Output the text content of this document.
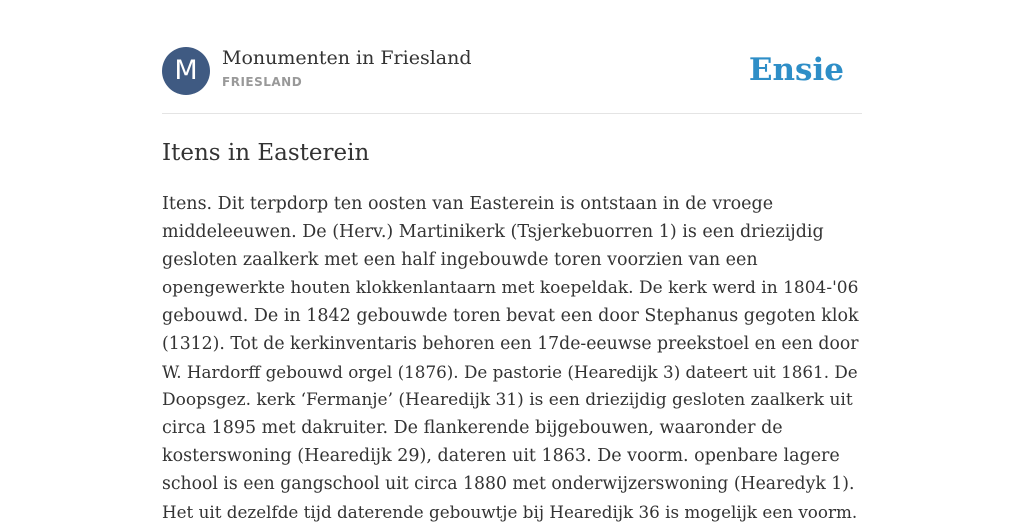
M	Monumenten in Friesland
FRIESLAND	Ensie
Itens in Easterein

Itens. Dit terpdorp ten oosten van Easterein is ontstaan in de vroege
middeleeuwen. De (Herv.) Martinikerk (Tsjerkebuorren 1) is een driezijdig
gesloten zaalkerk met een half ingebouwde toren voorzien van een
opengewerkte houten klokkenlantaarn met koepeldak. De kerk werd in 1804-'06
gebouwd. De in 1842 gebouwde toren bevat een door Stephanus gegoten klok
(1312). Tot de kerkinventaris behoren een 17de-eeuwse preekstoel en een door
W. Hardorff gebouwd orgel (1876). De pastorie (Hearedijk 3) dateert uit 1861. De
Doopsgez. kerk ‘Fermanje’ (Hearedijk 31) is een driezijdig gesloten zaalkerk uit
circa 1895 met dakruiter. De flankerende bijgebouwen, waaronder de
kosterswoning (Hearedijk 29), dateren uit 1863. De voorm. openbare lagere
school is een gangschool uit circa 1880 met onderwijzerswoning (Hearedyk 1).
Het uit dezelfde tijd daterende gebouwtje bij Hearedijk 36 is mogelijk een voorm.
